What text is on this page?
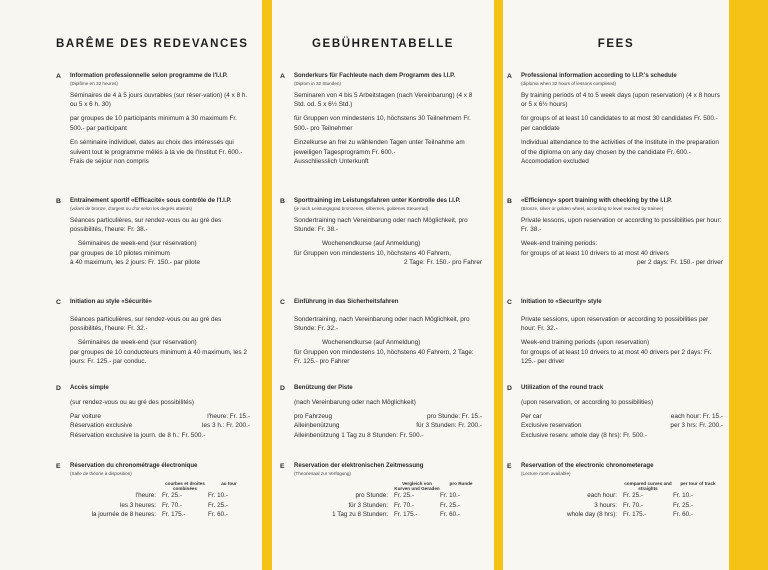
BARÊME DES REDEVANCES
A Information professionnelle selon programme de l'I.I.P.
(Diplôme en 32 heures)
Séminaires de 4 à 5 jours ouvrables (sur réser-vation) (4 x 8 h. ou 5 x 6 h. 30)
par groupes de 10 participants minimum à 30 maximum Fr. 500.- par participant
En séminaire individuel, dates au choix des intéressés qui suivent tout le programme mêlés à la vie de l'Institut Fr. 600.-
Frais de séjour non compris
B Entraînement sportif «Efficacité» sous contrôle de l'I.I.P.
(volant de bronze, d'argent ou d'or selon les degrés atteints)
Séances particulières, sur rendez-vous ou au gré des possibilités, l'heure: Fr. 38.-
Séminaires de week-end (sur réservation)
par groupes de 10 pilotes minimum
à 40 maximum, les 2 jours: Fr. 150.- par pilote
C Initiation au style «Sécurité»
Séances particulières, sur rendez-vous ou au gré des possibilités, l'heure: Fr. 32.-
Séminaires de week-end (sur réservation)
par groupes de 10 conducteurs minimum à 40 maximum, les 2 jours: Fr. 125.- par conduc.
D Accès simple
(sur rendez-vous ou au gré des possibilités)
Par voiture	l'heure: Fr. 15.-
Réservation exclusive	les 3 h.: Fr. 200.-
Réservation exclusive la journ. de 8 h.: Fr. 500.-
E Réservation du chronométrage électronique
(Salle de théorie à disposition)
courbes et droites combinées
au tour
l'heure: Fr. 25.-	Fr. 10.-
les 3 heures: Fr. 70.-	Fr. 25.-
la journée de 8 heures: Fr. 175.-	Fr. 60.-
GEBÜHRENTABELLE
A Sonderkurs für Fachleute nach dem Programm des I.I.P.
(Diplom in 32 Stunden)
Seminaren von 4 bis 5 Arbeitstagen (nach Vereinbarung) (4 x 8 Std. od. 5 x 6½ Std.)
für Gruppen von mindestens 10, höchstens 30 Teilnehmern Fr. 500.- pro Teilnehmer
Einzelkurse an frei zu wählenden Tagen unter Teilnahme am jeweiligen Tagesprogramm Fr. 600.-
Ausschliesslich Unterkunft
B Sporttraining im Leistungsfahren unter Kontrolle des I.I.P.
(je nach Leistungsgrad bronzenes, silbernes, goldenes Steuerrad)
Sondertraining nach Vereinbarung oder nach Möglichkeit, pro Stunde: Fr. 38.-
Wochenendkurse (auf Anmeldung)
für Gruppen von mindestens 10, höchstens 40 Fahrern,
2 Tage: Fr. 150.- pro Fahrer
C Einführung in das Sicherheitsfahren
Sondertraining, nach Vereinbarung oder nach Möglichkeit, pro Stunde: Fr. 32.-
Wochenendkurse (auf Anmeldung)
für Gruppen von mindestens 10, höchstens 40 Fahrern, 2 Tage: Fr. 125.- pro Fahrer
D Benützung der Piste
(nach Vereinbarung oder nach Möglichkeit)
pro Fahrzeug	pro Stunde: Fr. 15.-
Alleinbenützung	für 3 Stunden: Fr. 200.-
Alleinbenützung 1 Tag zu 8 Stunden: Fr. 500.-
E Reservation der elektronischen Zeitmessung
(Theoriesaal zur Verfügung)
Vergleich von Kurven und Geraden
pro Runde
pro Stunde: Fr. 25.-	Fr. 10.-
für 3 Stunden: Fr. 70.-	Fr. 25.-
1 Tag zu 8 Stunden: Fr. 175.-	Fr. 60.-
FEES
A Professional information according to I.I.P.'s schedule
(diploma when 32 hours of lessons completed)
By training periods of 4 to 5 week days (upon reservation) (4 x 8 hours or 5 x 6½ hours)
for groups of at least 10 candidates to at most 30 candidates Fr. 500.- per candidate
Individual attendance to the activities of the Institute in the preparation of the diploma on any day chosen by the candidate Fr. 600.-
Accomodation excluded
B «Efficiency» sport training with checking by the I.I.P.
(Bronze, silver or golden wheel, according to level reached by trainee)
Private lessons, upon reservation or according to possibilities per hour: Fr. 38.-
Week-end training periods:
for groups of at least 10 drivers to at most 40 drivers
per 2 days: Fr. 150.- per driver
C Initiation to «Security» style
Private sessions, upon reservation or according to possibilities per hour: Fr. 32.-
Week-end training periods (upon reservation)
for groups of at least 10 drivers to at most 40 drivers per 2 days: Fr. 125.- per driver
D Utilization of the round track
(upon reservation, or according to possibilities)
Per car	each hour: Fr. 15.-
Exclusive reservation	per 3 hrs: Fr. 200.-
Exclusive reserv. whole day (8 hrs): Fr. 500.-
E Reservation of the electronic chronometerage
(Lecture room available)
compared curves and straights
per tour of track
each hour: Fr. 25.-	Fr. 10.-
3 hours: Fr. 70.-	Fr. 25.-
whole day (8 hrs): Fr. 175.-	Fr. 60.-
